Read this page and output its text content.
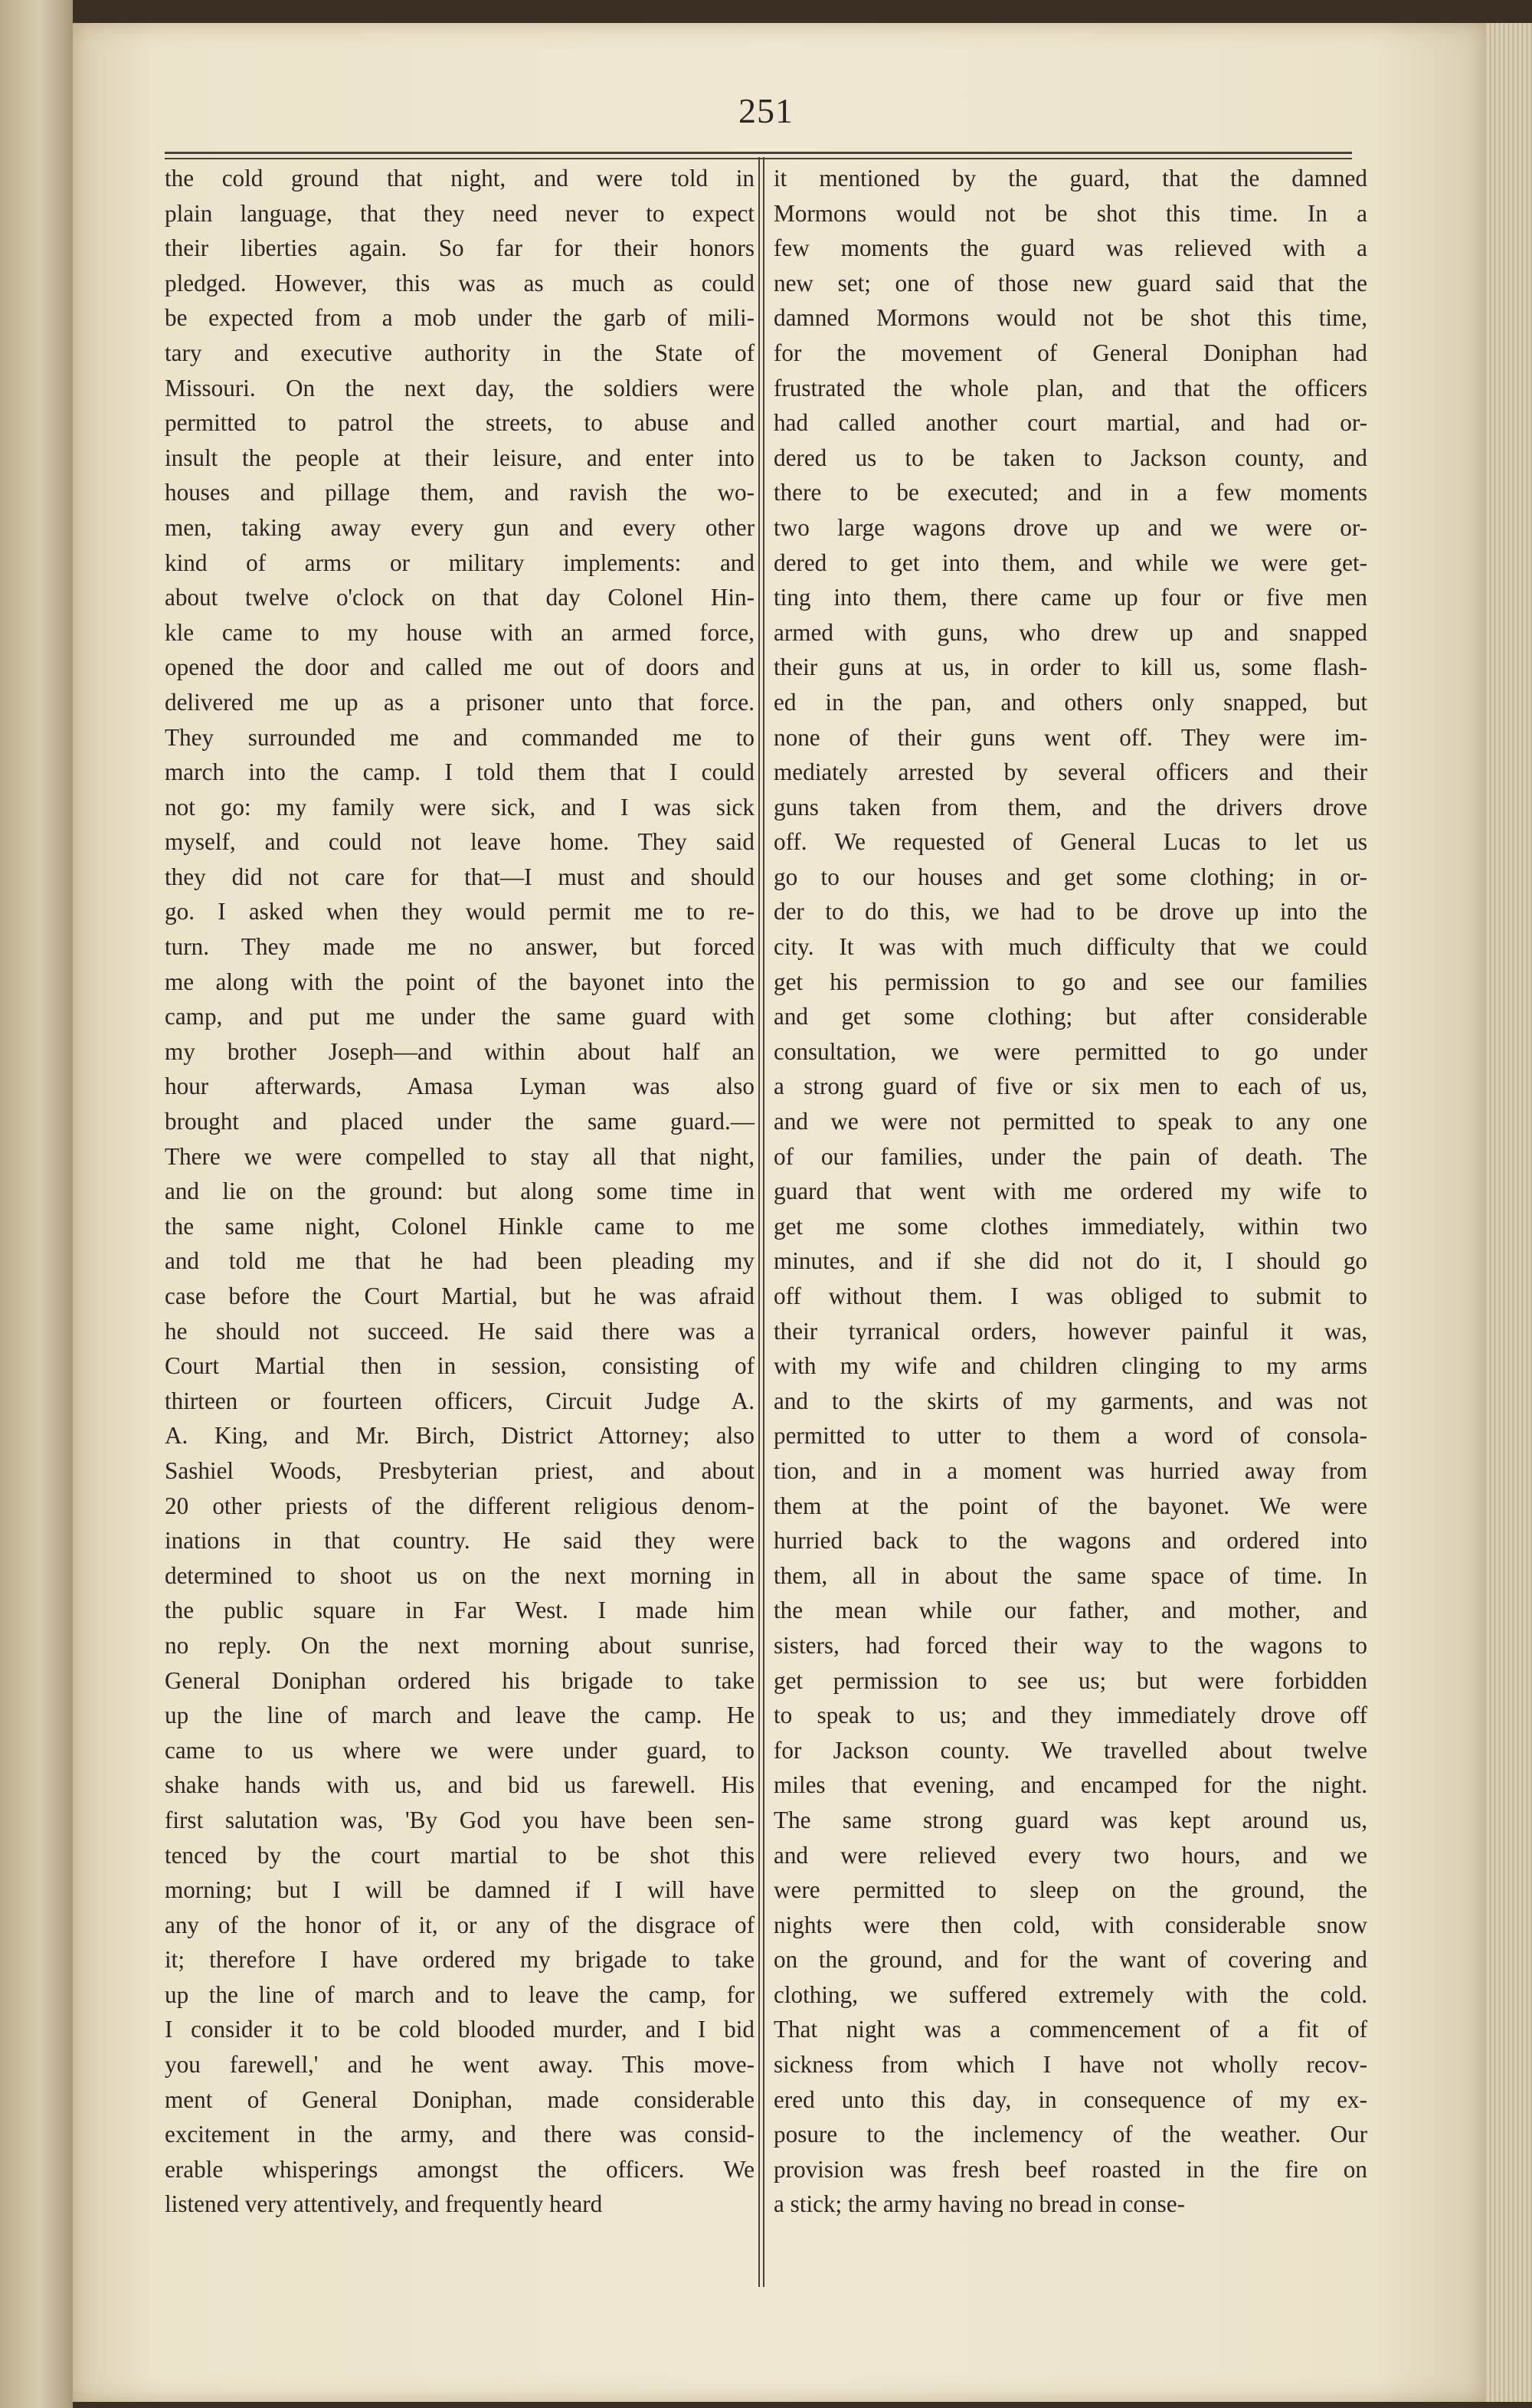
251
the cold ground that night, and were told in
plain language, that they need never to expect
their liberties again. So far for their honors
pledged. However, this was as much as could
be expected from a mob under the garb of mili-
tary and executive authority in the State of
Missouri. On the next day, the soldiers were
permitted to patrol the streets, to abuse and
insult the people at their leisure, and enter into
houses and pillage them, and ravish the wo-
men, taking away every gun and every other
kind of arms or military implements: and
about twelve o'clock on that day Colonel Hin-
kle came to my house with an armed force,
opened the door and called me out of doors and
delivered me up as a prisoner unto that force.
They surrounded me and commanded me to
march into the camp. I told them that I could
not go: my family were sick, and I was sick
myself, and could not leave home. They said
they did not care for that—I must and should
go. I asked when they would permit me to re-
turn. They made me no answer, but forced
me along with the point of the bayonet into the
camp, and put me under the same guard with
my brother Joseph—and within about half an
hour afterwards, Amasa Lyman was also
brought and placed under the same guard.—
There we were compelled to stay all that night,
and lie on the ground: but along some time in
the same night, Colonel Hinkle came to me
and told me that he had been pleading my
case before the Court Martial, but he was afraid
he should not succeed. He said there was a
Court Martial then in session, consisting of
thirteen or fourteen officers, Circuit Judge A.
A. King, and Mr. Birch, District Attorney; also
Sashiel Woods, Presbyterian priest, and about
20 other priests of the different religious denom-
inations in that country. He said they were
determined to shoot us on the next morning in
the public square in Far West. I made him
no reply. On the next morning about sunrise,
General Doniphan ordered his brigade to take
up the line of march and leave the camp. He
came to us where we were under guard, to
shake hands with us, and bid us farewell. His
first salutation was, 'By God you have been sen-
tenced by the court martial to be shot this
morning; but I will be damned if I will have
any of the honor of it, or any of the disgrace of
it; therefore I have ordered my brigade to take
up the line of march and to leave the camp, for
I consider it to be cold blooded murder, and I bid
you farewell,' and he went away. This move-
ment of General Doniphan, made considerable
excitement in the army, and there was consid-
erable whisperings amongst the officers. We
listened very attentively, and frequently heard
it mentioned by the guard, that the damned
Mormons would not be shot this time. In a
few moments the guard was relieved with a
new set; one of those new guard said that the
damned Mormons would not be shot this time,
for the movement of General Doniphan had
frustrated the whole plan, and that the officers
had called another court martial, and had or-
dered us to be taken to Jackson county, and
there to be executed; and in a few moments
two large wagons drove up and we were or-
dered to get into them, and while we were get-
ting into them, there came up four or five men
armed with guns, who drew up and snapped
their guns at us, in order to kill us, some flash-
ed in the pan, and others only snapped, but
none of their guns went off. They were im-
mediately arrested by several officers and their
guns taken from them, and the drivers drove
off. We requested of General Lucas to let us
go to our houses and get some clothing; in or-
der to do this, we had to be drove up into the
city. It was with much difficulty that we could
get his permission to go and see our families
and get some clothing; but after considerable
consultation, we were permitted to go under
a strong guard of five or six men to each of us,
and we were not permitted to speak to any one
of our families, under the pain of death. The
guard that went with me ordered my wife to
get me some clothes immediately, within two
minutes, and if she did not do it, I should go
off without them. I was obliged to submit to
their tyrranical orders, however painful it was,
with my wife and children clinging to my arms
and to the skirts of my garments, and was not
permitted to utter to them a word of consola-
tion, and in a moment was hurried away from
them at the point of the bayonet. We were
hurried back to the wagons and ordered into
them, all in about the same space of time. In
the mean while our father, and mother, and
sisters, had forced their way to the wagons to
get permission to see us; but were forbidden
to speak to us; and they immediately drove off
for Jackson county. We travelled about twelve
miles that evening, and encamped for the night.
The same strong guard was kept around us,
and were relieved every two hours, and we
were permitted to sleep on the ground, the
nights were then cold, with considerable snow
on the ground, and for the want of covering and
clothing, we suffered extremely with the cold.
That night was a commencement of a fit of
sickness from which I have not wholly recov-
ered unto this day, in consequence of my ex-
posure to the inclemency of the weather. Our
provision was fresh beef roasted in the fire on
a stick; the army having no bread in conse-
